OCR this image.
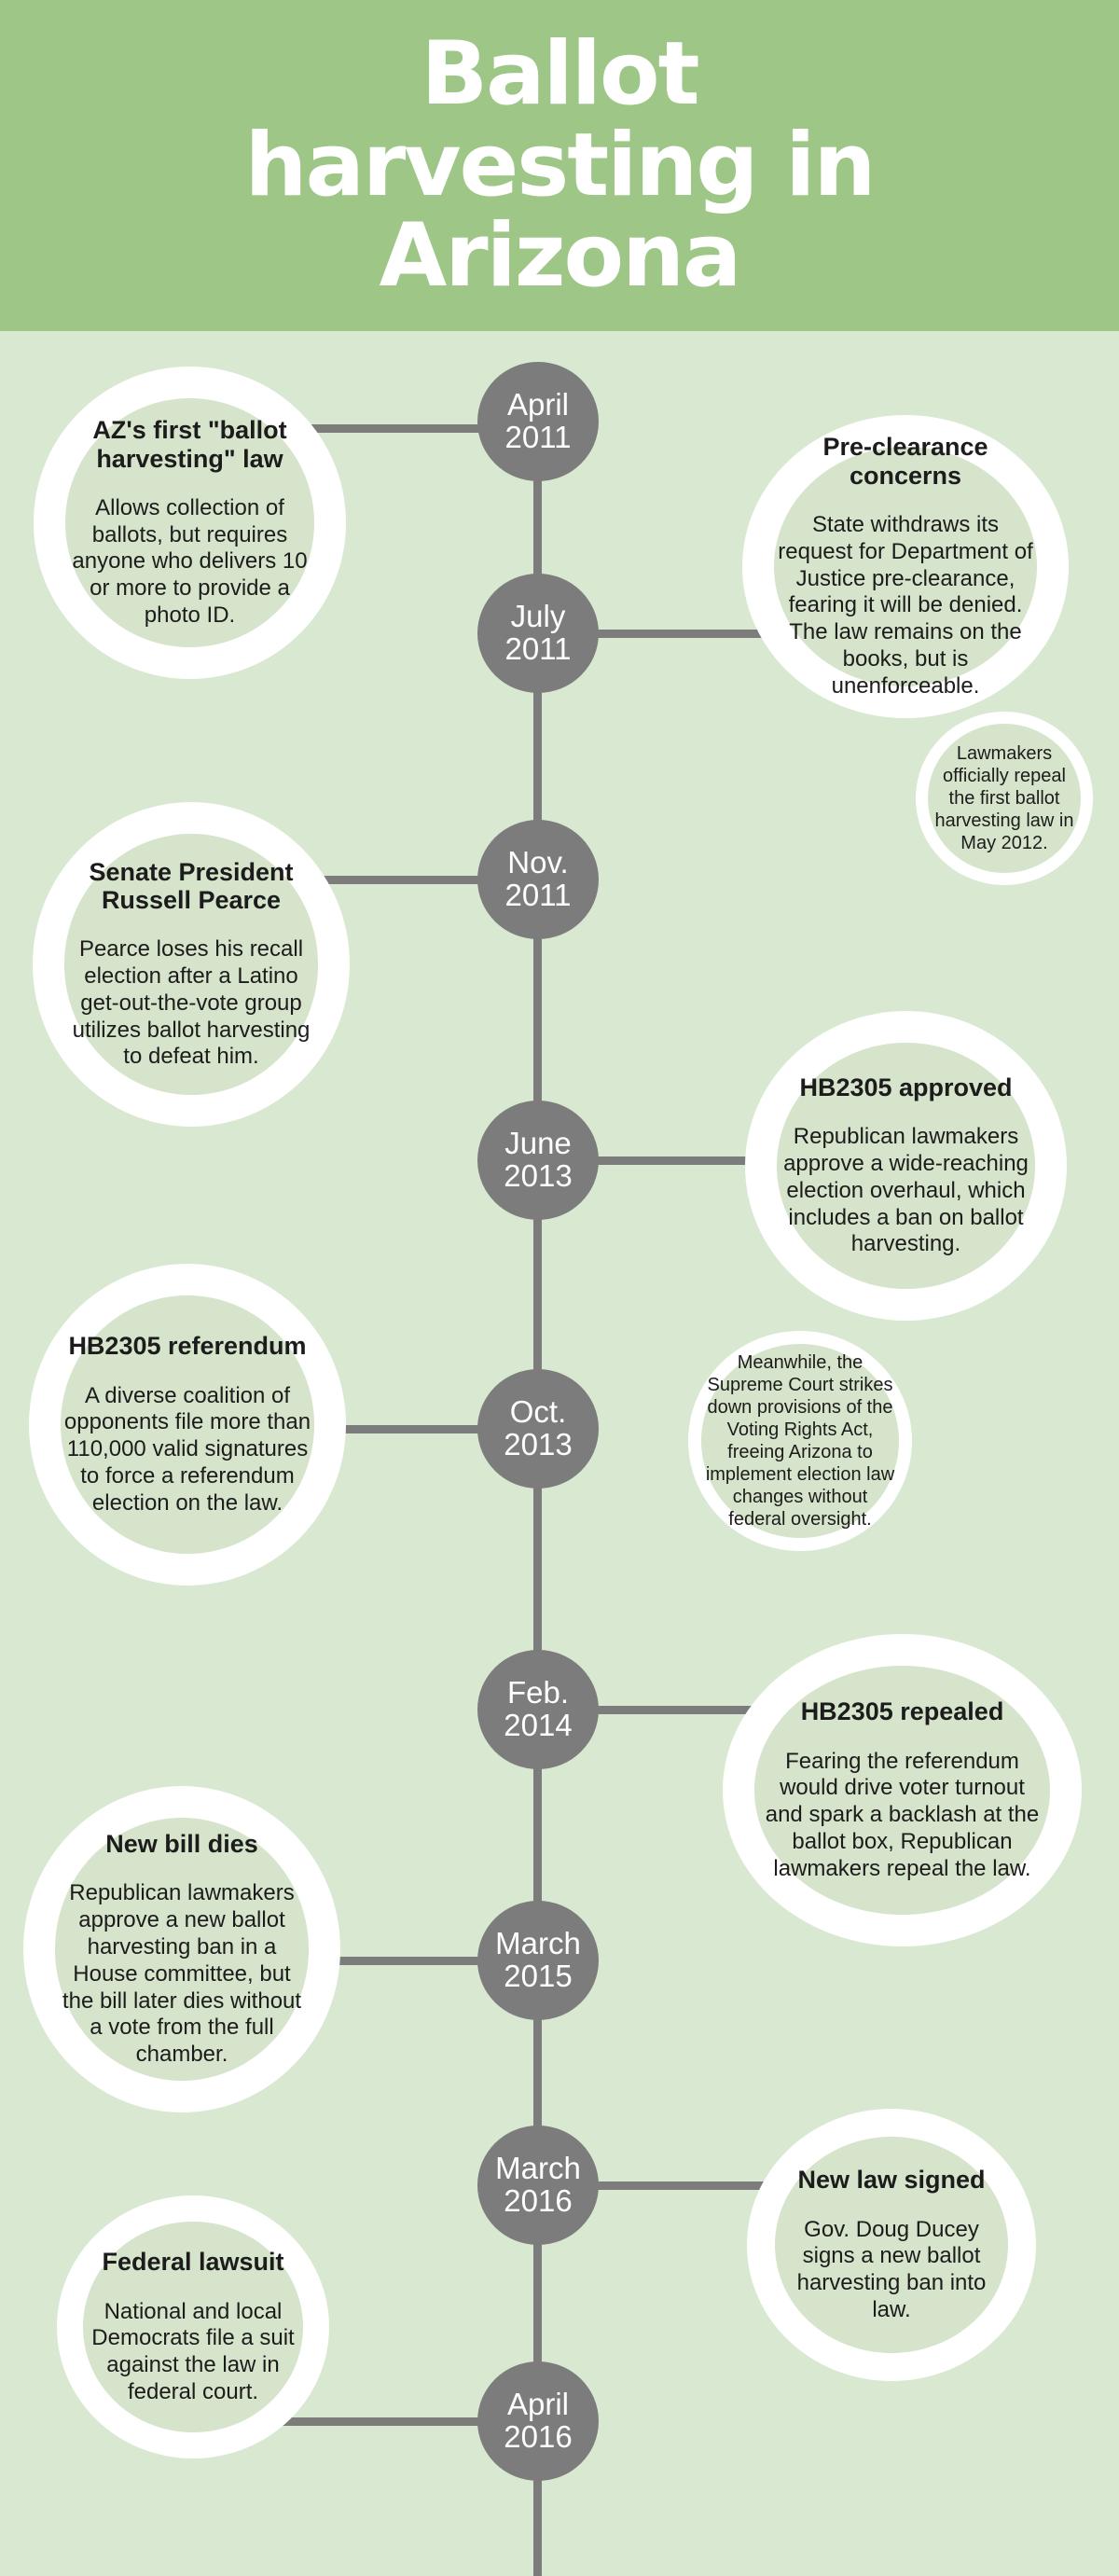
Ballot
harvesting in
Arizona
AZ's first "ballot harvesting" law
Allows collection of ballots, but requires anyone who delivers 10 or more to provide a photo ID.
Pre-clearance concerns
State withdraws its request for Department of Justice pre-clearance, fearing it will be denied. The law remains on the books, but is unenforceable.
Senate President Russell Pearce
Pearce loses his recall election after a Latino get-out-the-vote group utilizes ballot harvesting to defeat him.
HB2305 approved
Republican lawmakers approve a wide-reaching election overhaul, which includes a ban on ballot harvesting.
HB2305 referendum
A diverse coalition of opponents file more than 110,000 valid signatures to force a referendum election on the law.
HB2305 repealed
Fearing the referendum would drive voter turnout and spark a backlash at the ballot box, Republican lawmakers repeal the law.
New bill dies
Republican lawmakers approve a new ballot harvesting ban in a House committee, but the bill later dies without a vote from the full chamber.
New law signed
Gov. Doug Ducey signs a new ballot harvesting ban into law.
Federal lawsuit
National and local Democrats file a suit against the law in federal court.
Lawmakers officially repeal the first ballot harvesting law in May 2012.
Meanwhile, the Supreme Court strikes down provisions of the Voting Rights Act, freeing Arizona to implement election law changes without federal oversight.
April
2011
July
2011
Nov.
2011
June
2013
Oct.
2013
Feb.
2014
March
2015
March
2016
April
2016
